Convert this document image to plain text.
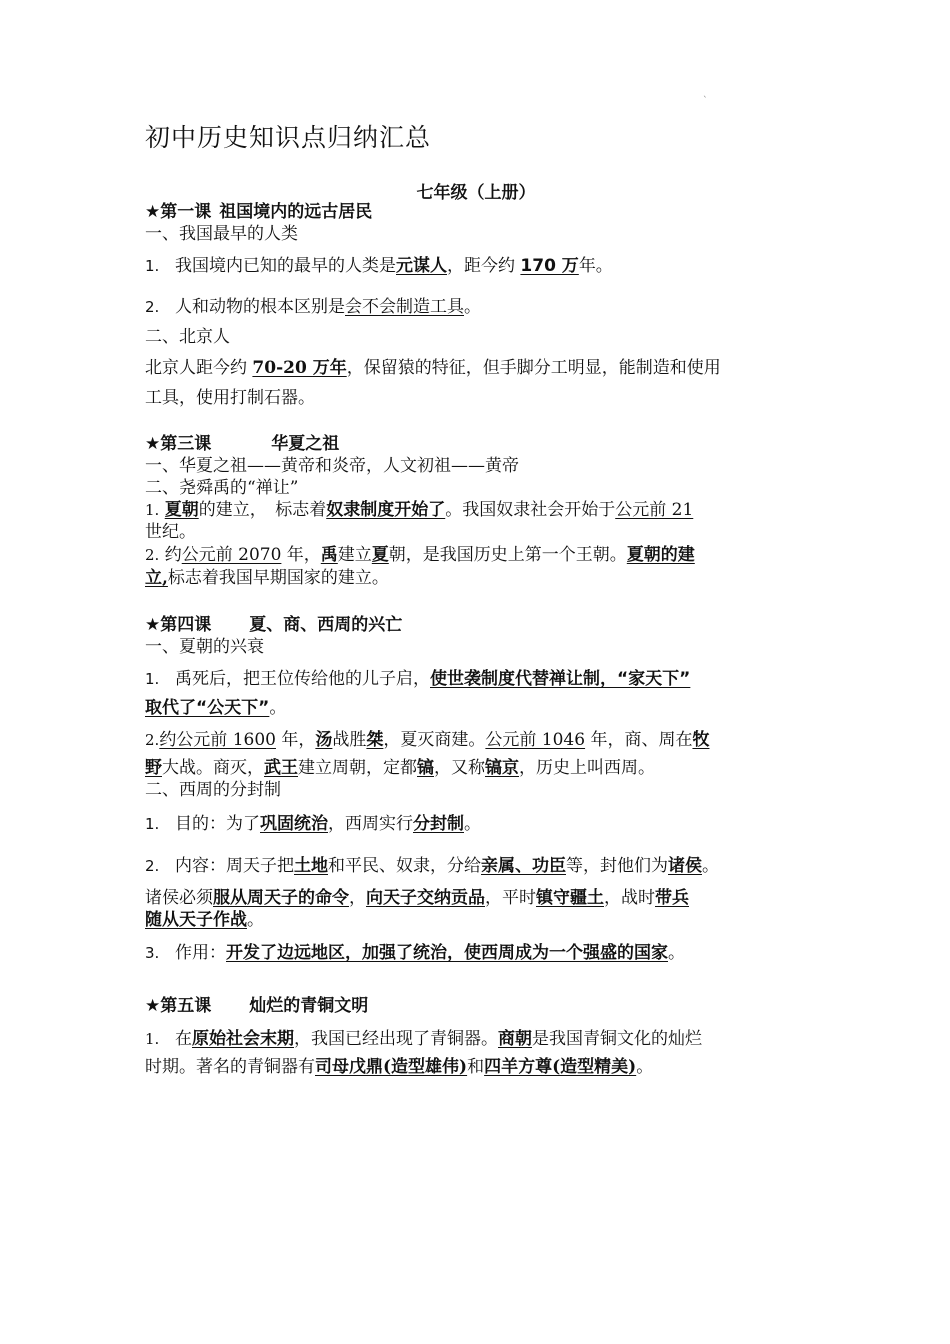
`
初中历史知识点归纳汇总
七年级（上册）

★第一课 祖国境内的远古居民

一、我国最早的人类

1. 我国境内已知的最早的人类是元谋人，距今约 170 万年。

2. 人和动物的根本区别是会不会制造工具。

二、北京人

北京人距今约 70-20 万年，保留猿的特征，但手脚分工明显，能制造和使用

工具，使用打制石器。

★第三课	华夏之祖

一、华夏之祖——黄帝和炎帝，人文初祖——黄帝

二、尧舜禹的“禅让”

1. 夏朝的建立，　标志着奴隶制度开始了。我国奴隶社会开始于公元前 21

世纪。

2. 约公元前 2070 年，禹建立夏朝，是我国历史上第一个王朝。夏朝的建

立,标志着我国早期国家的建立。

★第四课 夏、商、西周的兴亡

一、夏朝的兴衰

1. 禹死后，把王位传给他的儿子启，使世袭制度代替禅让制，“家天下”

取代了“公天下”。

2.约公元前 1600 年，汤战胜桀，夏灭商建。公元前 1046 年，商、周在牧

野大战。商灭，武王建立周朝，定都镐，又称镐京，历史上叫西周。

二、西周的分封制

1. 目的：为了巩固统治，西周实行分封制。

2. 内容：周天子把土地和平民、奴隶，分给亲属、功臣等，封他们为诸侯。

诸侯必须服从周天子的命令，向天子交纳贡品，平时镇守疆土，战时带兵

随从天子作战。

3. 作用：开发了边远地区，加强了统治，使西周成为一个强盛的国家。

★第五课 灿烂的青铜文明

1. 在原始社会末期，我国已经出现了青铜器。商朝是我国青铜文化的灿烂

时期。著名的青铜器有司母戊鼎(造型雄伟)和四羊方尊(造型精美)。
